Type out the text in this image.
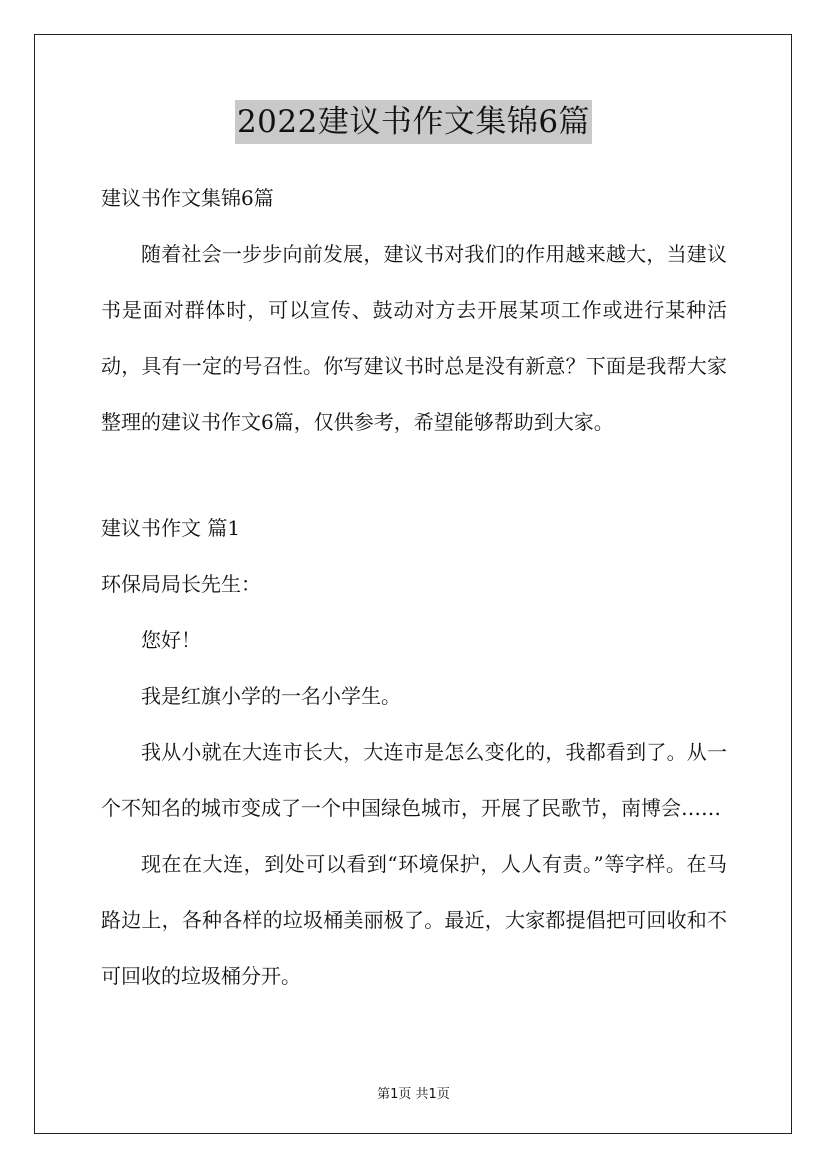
2022建议书作文集锦6篇
建议书作文集锦6篇

随着社会一步步向前发展，建议书对我们的作用越来越大，当建议书是面对群体时，可以宣传、鼓动对方去开展某项工作或进行某种活动，具有一定的号召性。你写建议书时总是没有新意？下面是我帮大家整理的建议书作文6篇，仅供参考，希望能够帮助到大家。

建议书作文 篇1
环保局局长先生：

您好！

我是红旗小学的一名小学生。

我从小就在大连市长大，大连市是怎么变化的，我都看到了。从一个不知名的城市变成了一个中国绿色城市，开展了民歌节，南博会……

现在在大连，到处可以看到“环境保护，人人有责。”等字样。在马路边上，各种各样的垃圾桶美丽极了。最近，大家都提倡把可回收和不可回收的垃圾桶分开。

第1页 共1页
